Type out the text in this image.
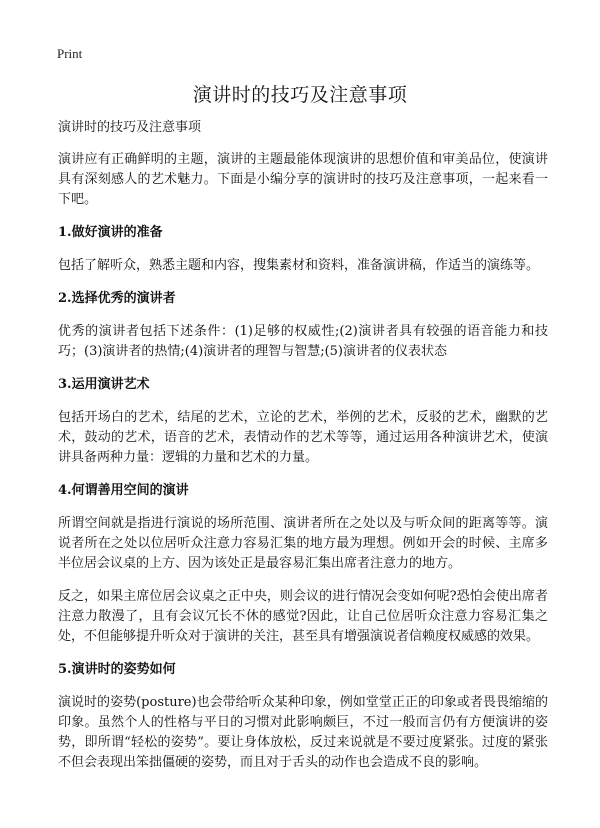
Print
演讲时的技巧及注意事项

演讲时的技巧及注意事项

演讲应有正确鲜明的主题，演讲的主题最能体现演讲的思想价值和审美品位，使演讲具有深刻感人的艺术魅力。下面是小编分享的演讲时的技巧及注意事项，一起来看一下吧。

1.做好演讲的准备

包括了解听众，熟悉主题和内容，搜集素材和资料，准备演讲稿，作适当的演练等。

2.选择优秀的演讲者

优秀的演讲者包括下述条件：(1)足够的权威性;(2)演讲者具有较强的语音能力和技巧；(3)演讲者的热情;(4)演讲者的理智与智慧;(5)演讲者的仪表状态

3.运用演讲艺术

包括开场白的艺术，结尾的艺术，立论的艺术，举例的艺术，反驳的艺术，幽默的艺术，鼓动的艺术，语音的艺术，表情动作的艺术等等，通过运用各种演讲艺术，使演讲具备两种力量：逻辑的力量和艺术的力量。

4.何谓善用空间的演讲

所谓空间就是指进行演说的场所范围、演讲者所在之处以及与听众间的距离等等。演说者所在之处以位居听众注意力容易汇集的地方最为理想。例如开会的时候、主席多半位居会议桌的上方、因为该处正是最容易汇集出席者注意力的地方。

反之，如果主席位居会议桌之正中央，则会议的进行情况会变如何呢?恐怕会使出席者注意力散漫了，且有会议冗长不休的感觉?因此，让自己位居听众注意力容易汇集之处，不但能够提升听众对于演讲的关注，甚至具有增强演说者信赖度权威感的效果。

5.演讲时的姿势如何

演说时的姿势(posture)也会带给听众某种印象，例如堂堂正正的印象或者畏畏缩缩的印象。虽然个人的性格与平日的习惯对此影响颇巨，不过一般而言仍有方便演讲的姿势，即所谓“轻松的姿势”。要让身体放松，反过来说就是不要过度紧张。过度的紧张不但会表现出笨拙僵硬的姿势，而且对于舌头的动作也会造成不良的影响。
